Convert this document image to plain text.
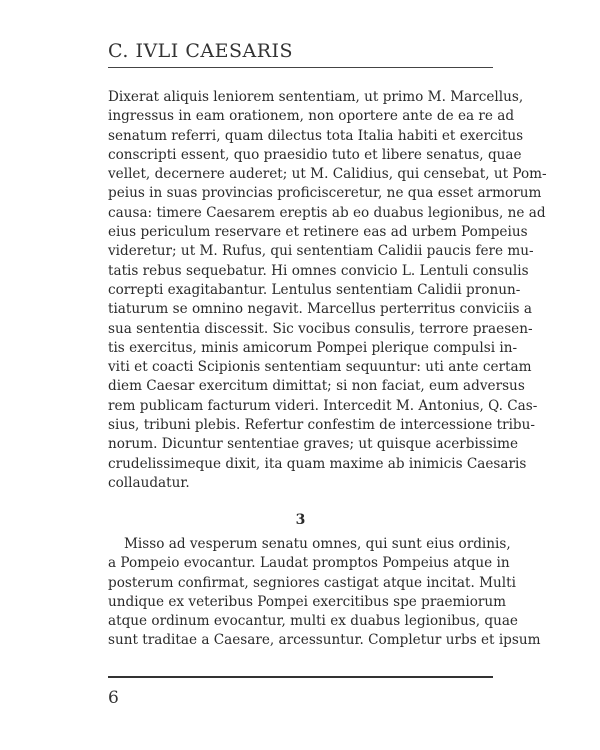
C. IVLI CAESARIS
Dixerat aliquis leniorem sententiam, ut primo M. Marcellus,
ingressus in eam orationem, non oportere ante de ea re ad
senatum referri, quam dilectus tota Italia habiti et exercitus
conscripti essent, quo praesidio tuto et libere senatus, quae
vellet, decernere auderet; ut M. Calidius, qui censebat, ut Pom-
peius in suas provincias proficisceretur, ne qua esset armorum
causa: timere Caesarem ereptis ab eo duabus legionibus, ne ad
eius periculum reservare et retinere eas ad urbem Pompeius
videretur; ut M. Rufus, qui sententiam Calidii paucis fere mu-
tatis rebus sequebatur. Hi omnes convicio L. Lentuli consulis
correpti exagitabantur. Lentulus sententiam Calidii pronun-
tiaturum se omnino negavit. Marcellus perterritus conviciis a
sua sententia discessit. Sic vocibus consulis, terrore praesen-
tis exercitus, minis amicorum Pompei plerique compulsi in-
viti et coacti Scipionis sententiam sequuntur: uti ante certam
diem Caesar exercitum dimittat; si non faciat, eum adversus
rem publicam facturum videri. Intercedit M. Antonius, Q. Cas-
sius, tribuni plebis. Refertur confestim de intercessione tribu-
norum. Dicuntur sententiae graves; ut quisque acerbissime
crudelissimeque dixit, ita quam maxime ab inimicis Caesaris
collaudatur.
3
Misso ad vesperum senatu omnes, qui sunt eius ordinis,
a Pompeio evocantur. Laudat promptos Pompeius atque in
posterum confirmat, segniores castigat atque incitat. Multi
undique ex veteribus Pompei exercitibus spe praemiorum
atque ordinum evocantur, multi ex duabus legionibus, quae
sunt traditae a Caesare, arcessuntur. Completur urbs et ipsum
6
